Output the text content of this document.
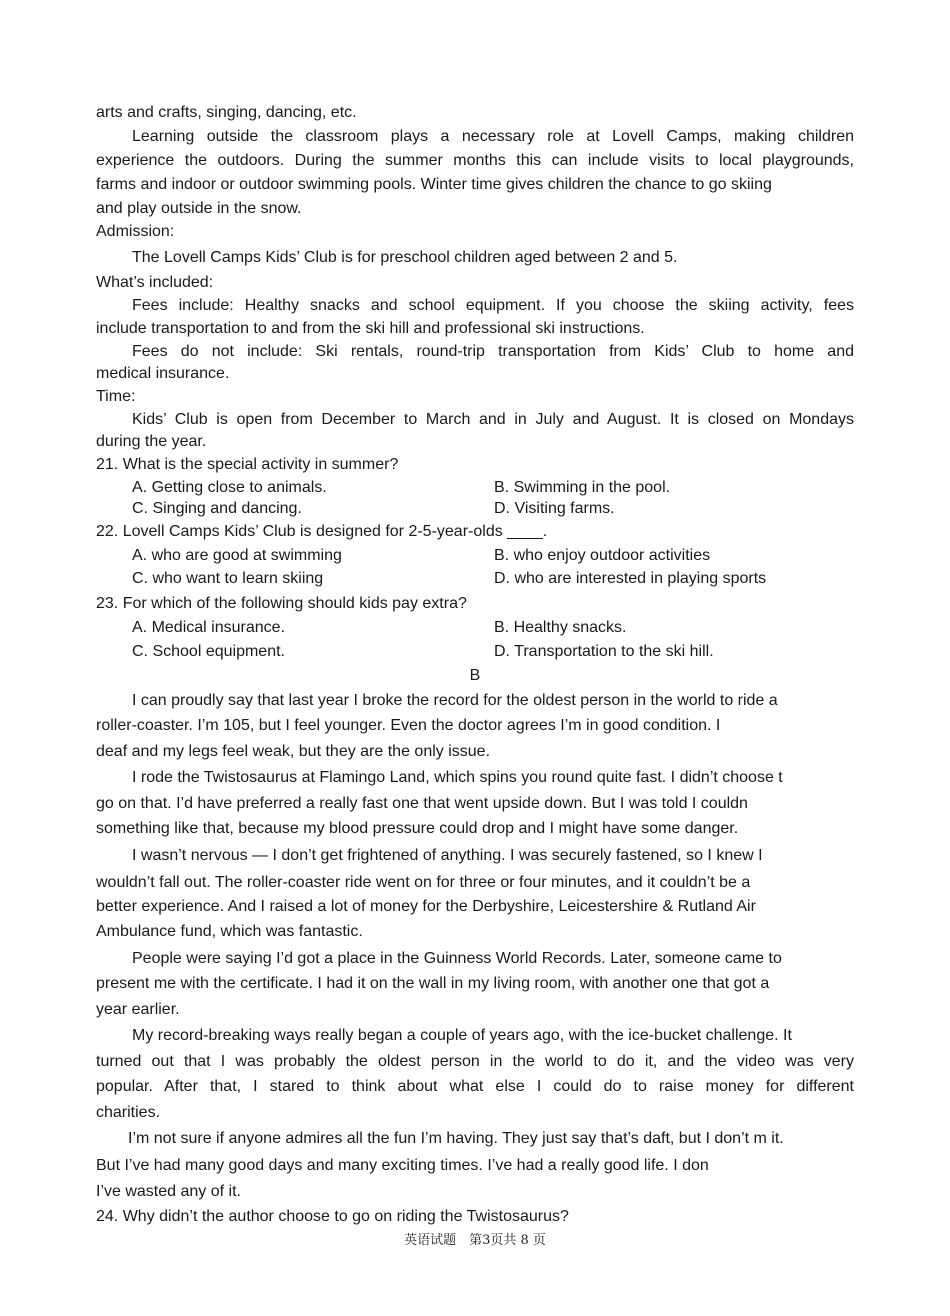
arts and crafts, singing, dancing, etc.

Learning outside the classroom plays a necessary role at Lovell Camps, making children

experience the outdoors. During the summer months this can include visits to local playgrounds,

farms and indoor or outdoor swimming pools. Winter time gives children the chance to go skiing

and play outside in the snow.

Admission:

The Lovell Camps Kids’ Club is for preschool children aged between 2 and 5.

What’s included:

Fees include: Healthy snacks and school equipment. If you choose the skiing activity, fees

include transportation to and from the ski hill and professional ski instructions.

Fees do not include: Ski rentals, round-trip transportation from Kids’ Club to home and

medical insurance.

Time:

Kids’ Club is open from December to March and in July and August. It is closed on Mondays

during the year.

21. What is the special activity in summer?

A. Getting close to animals.	B. Swimming in the pool.
C. Singing and dancing.	D. Visiting farms.

22. Lovell Camps Kids’ Club is designed for 2-5-year-olds ____.

A. who are good at swimming	B. who enjoy outdoor activities
C. who want to learn skiing	D. who are interested in playing sports

23. For which of the following should kids pay extra?

A. Medical insurance.	B. Healthy snacks.
C. School equipment.	D. Transportation to the ski hill.
B

I can proudly say that last year I broke the record for the oldest person in the world to ride a

roller-coaster. I’m 105, but I feel younger. Even the doctor agrees I’m in good condition. I

deaf and my legs feel weak, but they are the only issue.

I rode the Twistosaurus at Flamingo Land, which spins you round quite fast. I didn’t choose t

go on that. I’d have preferred a really fast one that went upside down. But I was told I couldn

something like that, because my blood pressure could drop and I might have some danger.

I wasn’t nervous — I don’t get frightened of anything. I was securely fastened, so I knew I

wouldn’t fall out. The roller-coaster ride went on for three or four minutes, and it couldn’t be a

better experience. And I raised a lot of money for the Derbyshire, Leicestershire & Rutland Air

Ambulance fund, which was fantastic.

People were saying I’d got a place in the Guinness World Records. Later, someone came to

present me with the certificate. I had it on the wall in my living room, with another one that got a

year earlier.

My record-breaking ways really began a couple of years ago, with the ice-bucket challenge. It

turned out that I was probably the oldest person in the world to do it, and the video was very

popular. After that, I stared to think about what else I could do to raise money for different

charities.

I’m not sure if anyone admires all the fun I’m having. They just say that’s daft, but I don’t m it.

But I’ve had many good days and many exciting times. I’ve had a really good life. I don

I’ve wasted any of it.

24. Why didn’t the author choose to go on riding the Twistosaurus?

英语试题　第3页共 8 页
